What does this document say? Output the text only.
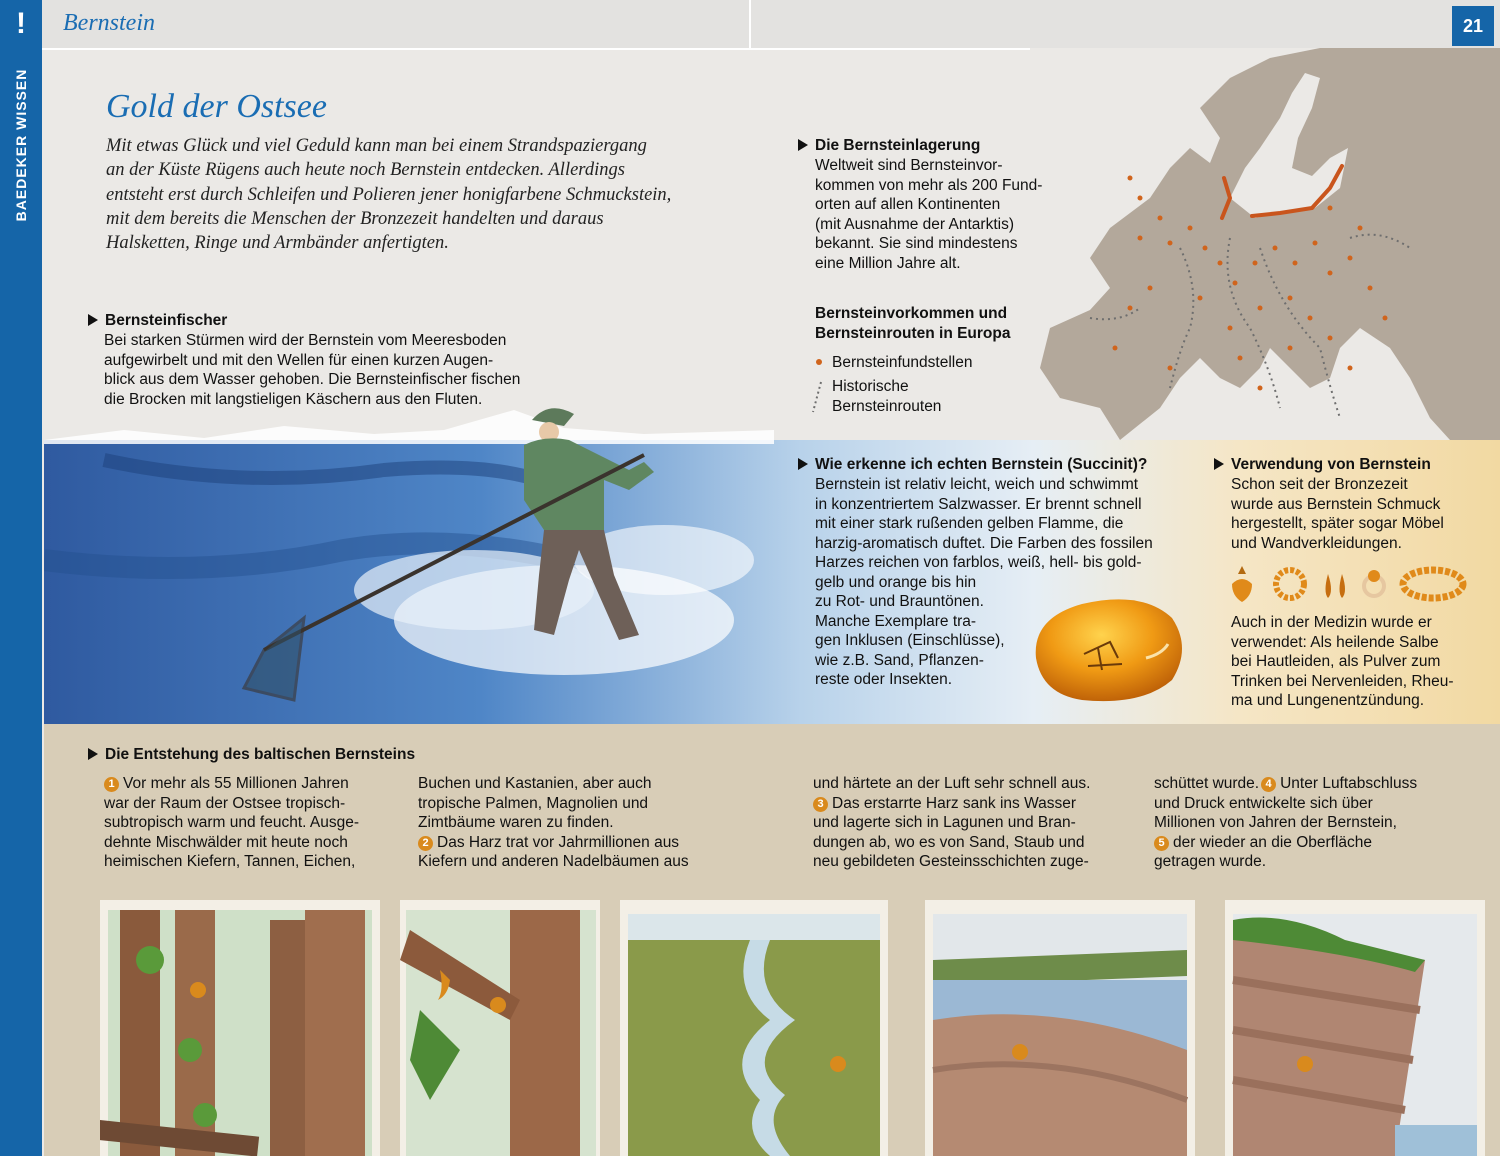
!	Bernstein	21
BAEDEKER WISSEN Gold der Ostsee
Mit etwas Glück und viel Geduld kann man bei einem Strandspaziergang
an der Küste Rügens auch heute noch Bernstein entdecken. Allerdings
entsteht erst durch Schleifen und Polieren jener honigfarbene Schmuckstein,
mit dem bereits die Menschen der Bronzezeit handelten und daraus
Halsketten, Ringe und Armbänder anfertigten.
Die Bernsteinlagerung
Weltweit sind Bernsteinvor-
kommen von mehr als 200 Fund-
orten auf allen Kontinenten
(mit Ausnahme der Antarktis)
bekannt. Sie sind mindestens
eine Million Jahre alt.
Bernsteinvorkommen und
Bernsteinrouten in Europa
Bernsteinfundstellen
Historische
Bernsteinrouten
Bernsteinfischer
Bei starken Stürmen wird der Bernstein vom Meeresboden
aufgewirbelt und mit den Wellen für einen kurzen Augen-
blick aus dem Wasser gehoben. Die Bernsteinfischer fischen
die Brocken mit langstieligen Käschern aus den Fluten.
Wie erkenne ich echten Bernstein (Succinit)?
Bernstein ist relativ leicht, weich und schwimmt
in konzentriertem Salzwasser. Er brennt schnell
mit einer stark rußenden gelben Flamme, die
harzig-aromatisch duftet. Die Farben des fossilen
Harzes reichen von farblos, weiß, hell- bis gold-
gelb und orange bis hin
zu Rot- und Brauntönen.
Manche Exemplare tra-
gen Inklusen (Einschlüsse),
wie z.B. Sand, Pflanzen-
reste oder Insekten.
Verwendung von Bernstein
Schon seit der Bronzezeit
wurde aus Bernstein Schmuck
hergestellt, später sogar Möbel
und Wandverkleidungen.
Auch in der Medizin wurde er
verwendet: Als heilende Salbe
bei Hautleiden, als Pulver zum
Trinken bei Nervenleiden, Rheu-
ma und Lungenentzündung.
Die Entstehung des baltischen Bernsteins
1 Vor mehr als 55 Millionen Jahren
war der Raum der Ostsee tropisch-
subtropisch warm und feucht. Ausge-
dehnte Mischwälder mit heute noch
heimischen Kiefern, Tannen, Eichen,
Buchen und Kastanien, aber auch
tropische Palmen, Magnolien und
Zimtbäume waren zu finden.
2 Das Harz trat vor Jahrmillionen aus
Kiefern und anderen Nadelbäumen aus
und härtete an der Luft sehr schnell aus.
3 Das erstarrte Harz sank ins Wasser
und lagerte sich in Lagunen und Bran-
dungen ab, wo es von Sand, Staub und
neu gebildeten Gesteinsschichten zuge-
schüttet wurde. 4 Unter Luftabschluss
und Druck entwickelte sich über
Millionen von Jahren der Bernstein,
5 der wieder an die Oberfläche
getragen wurde.
